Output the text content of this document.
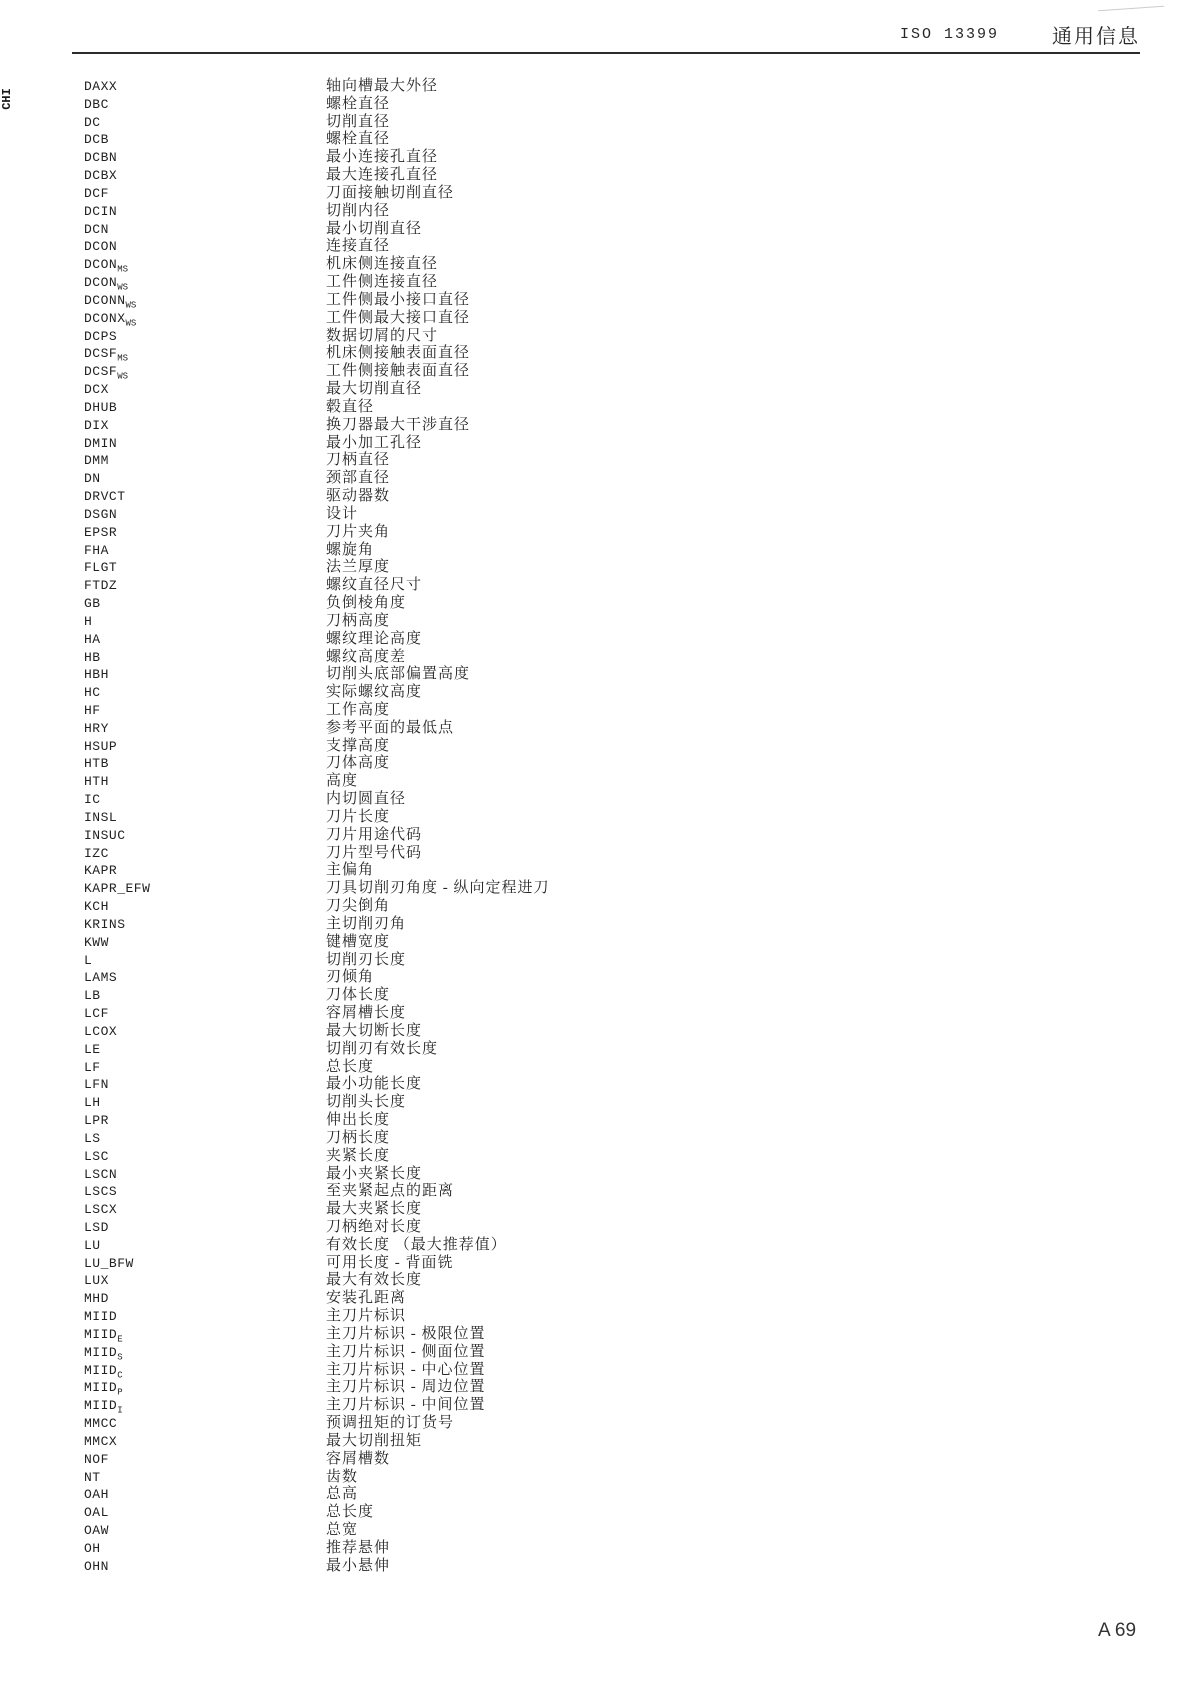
ISO 13399	通用信息
CHI
DAXX	轴向槽最大外径
DBC	螺栓直径
DC	切削直径
DCB	螺栓直径
DCBN	最小连接孔直径
DCBX	最大连接孔直径
DCF	刀面接触切削直径
DCIN	切削内径
DCN	最小切削直径
DCON	连接直径
$DCON_{MS}$	机床侧连接直径
$DCON_{WS}$	工件侧连接直径
$DCONN_{WS}$	工件侧最小接口直径
$DCONX_{WS}$	工件侧最大接口直径
DCPS	数据切屑的尺寸
$DCSF_{MS}$	机床侧接触表面直径
$DCSF_{WS}$	工件侧接触表面直径
DCX	最大切削直径
DHUB	毂直径
DIX	换刀器最大干涉直径
DMIN	最小加工孔径
DMM	刀柄直径
DN	颈部直径
DRVCT	驱动器数
DSGN	设计
EPSR	刀片夹角
FHA	螺旋角
FLGT	法兰厚度
FTDZ	螺纹直径尺寸
GB	负倒棱角度
H	刀柄高度
HA	螺纹理论高度
HB	螺纹高度差
HBH	切削头底部偏置高度
HC	实际螺纹高度
HF	工作高度
HRY	参考平面的最低点
HSUP	支撑高度
HTB	刀体高度
HTH	高度
IC	内切圆直径
INSL	刀片长度
INSUC	刀片用途代码
IZC	刀片型号代码
KAPR	主偏角
KAPR_EFW	刀具切削刃角度 - 纵向定程进刀
KCH	刀尖倒角
KRINS	主切削刃角
KWW	键槽宽度
L	切削刃长度
LAMS	刃倾角
LB	刀体长度
LCF	容屑槽长度
LCOX	最大切断长度
LE	切削刃有效长度
LF	总长度
LFN	最小功能长度
LH	切削头长度
LPR	伸出长度
LS	刀柄长度
LSC	夹紧长度
LSCN	最小夹紧长度
LSCS	至夹紧起点的距离
LSCX	最大夹紧长度
LSD	刀柄绝对长度
LU	有效长度 （最大推荐值）
LU_BFW	可用长度 - 背面铣
LUX	最大有效长度
MHD	安装孔距离
MIID	主刀片标识
$MIID_E$	主刀片标识 - 极限位置
$MIID_S$	主刀片标识 - 侧面位置
$MIID_C$	主刀片标识 - 中心位置
$MIID_P$	主刀片标识 - 周边位置
$MIID_I$	主刀片标识 - 中间位置
MMCC	预调扭矩的订货号
MMCX	最大切削扭矩
NOF	容屑槽数
NT	齿数
OAH	总高
OAL	总长度
OAW	总宽
OH	推荐悬伸
OHN	最小悬伸
A 69
